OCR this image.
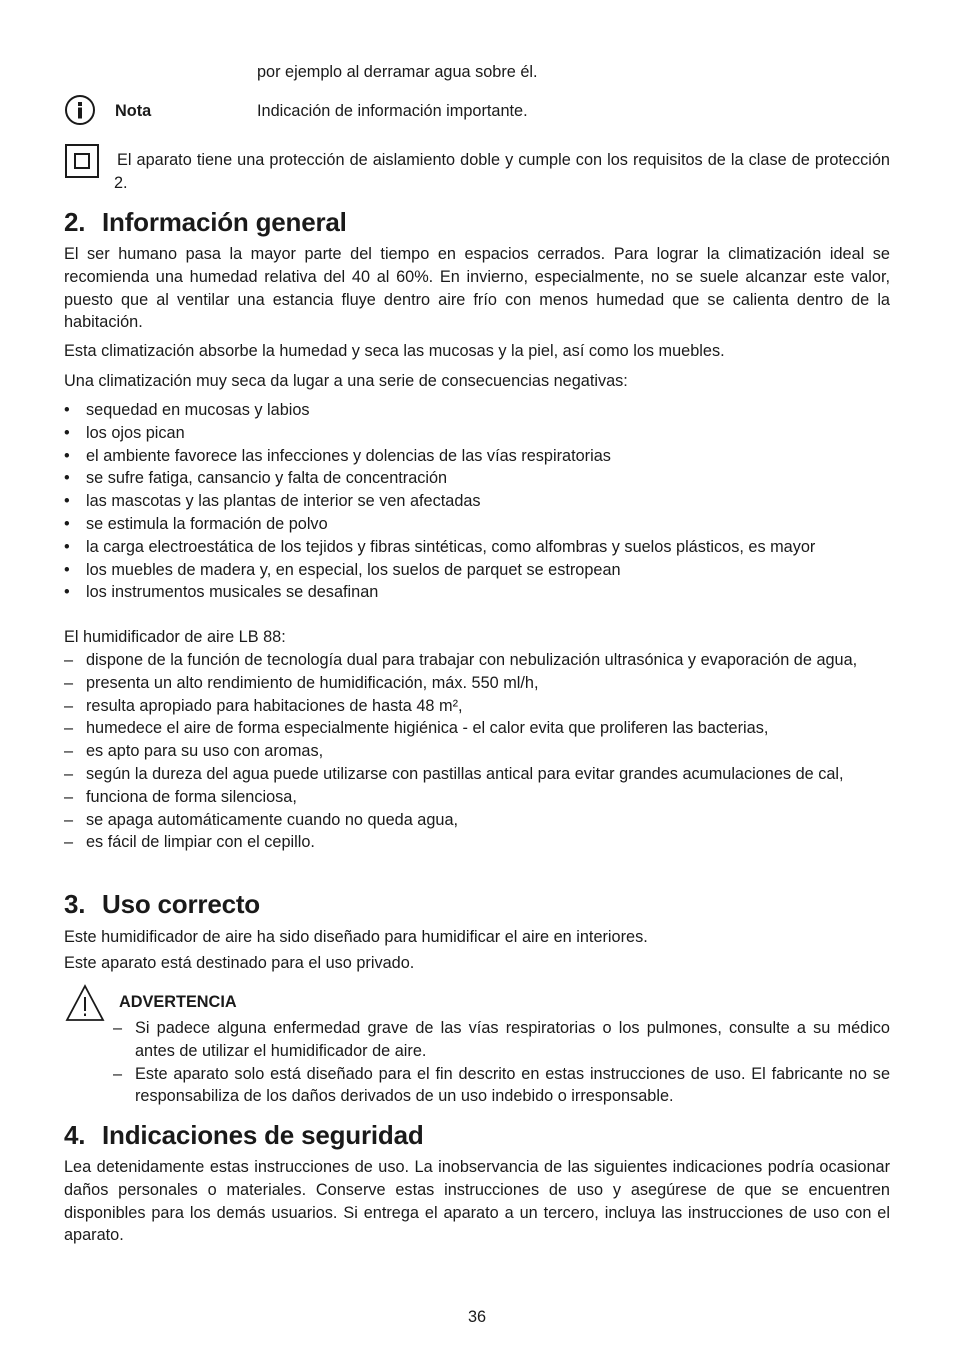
por ejemplo al derramar agua sobre él.

Nota	Indicación de información importante.

El aparato tiene una protección de aislamiento doble y cumple con los requisitos de la clase de protección 2.

2. Información general

El ser humano pasa la mayor parte del tiempo en espacios cerrados. Para lograr la climatización ideal se recomienda una humedad relativa del 40 al 60%. En invierno, especialmente, no se suele alcanzar este valor, puesto que al ventilar una estancia fluye dentro aire frío con menos humedad que se calienta dentro de la habitación.

Esta climatización absorbe la humedad y seca las mucosas y la piel, así como los muebles.

Una climatización muy seca da lugar a una serie de consecuencias negativas:

• sequedad en mucosas y labios
• los ojos pican
• el ambiente favorece las infecciones y dolencias de las vías respiratorias
• se sufre fatiga, cansancio y falta de concentración
• las mascotas y las plantas de interior se ven afectadas
• se estimula la formación de polvo
• la carga electroestática de los tejidos y fibras sintéticas, como alfombras y suelos plásticos, es mayor
• los muebles de madera y, en especial, los suelos de parquet se estropean
• los instrumentos musicales se desafinan

El humidificador de aire LB 88:

– dispone de la función de tecnología dual para trabajar con nebulización ultrasónica y evaporación de agua,
– presenta un alto rendimiento de humidificación, máx. 550 ml/h,
– resulta apropiado para habitaciones de hasta 48 m²,
– humedece el aire de forma especialmente higiénica - el calor evita que proliferen las bacterias,
– es apto para su uso con aromas,
– según la dureza del agua puede utilizarse con pastillas antical para evitar grandes acumulaciones de cal,
– funciona de forma silenciosa,
– se apaga automáticamente cuando no queda agua,
– es fácil de limpiar con el cepillo.
3. Uso correcto

Este humidificador de aire ha sido diseñado para humidificar el aire en interiores.

Este aparato está destinado para el uso privado.

ADVERTENCIA
– Si padece alguna enfermedad grave de las vías respiratorias o los pulmones, consulte a su médico antes de utilizar el humidificador de aire.
– Este aparato solo está diseñado para el fin descrito en estas instrucciones de uso. El fabricante no se responsabiliza de los daños derivados de un uso indebido o irresponsable.
4. Indicaciones de seguridad

Lea detenidamente estas instrucciones de uso. La inobservancia de las siguientes indicaciones podría ocasionar daños personales o materiales. Conserve estas instrucciones de uso y asegúrese de que se encuentren disponibles para los demás usuarios. Si entrega el aparato a un tercero, incluya las instrucciones de uso con el aparato.

36
